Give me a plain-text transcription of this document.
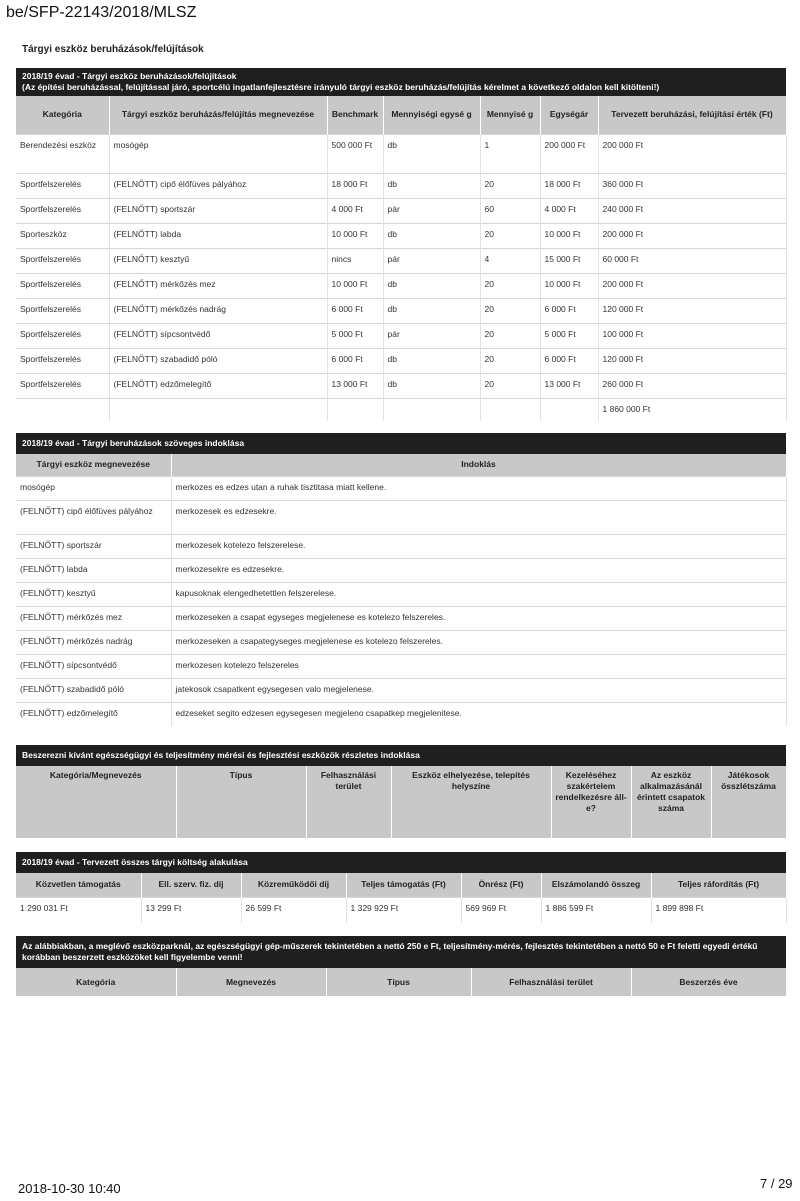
be/SFP-22143/2018/MLSZ
Tárgyi eszköz beruházások/felújítások
2018/19 évad - Tárgyi eszköz beruházások/felújítások
(Az építési beruházással, felújítással járó, sportcélú ingatlanfejlesztésre irányuló tárgyi eszköz beruházás/felújítás kérelmet a következő oldalon kell kitölteni!)
Kategória	Tárgyi eszköz beruházás/felújítás megnevezése	Benchmark	Mennyiségi egysé g	Mennyisé g	Egységár	Tervezett beruházási, felújítási érték (Ft)
Berendezési eszköz	mosógép	500 000 Ft	db	1	200 000 Ft	200 000 Ft
Sportfelszerelés	(FELNŐTT) cipő élőfüves pályához	18 000 Ft	db	20	18 000 Ft	360 000 Ft
Sportfelszerelés	(FELNŐTT) sportszár	4 000 Ft	pár	60	4 000 Ft	240 000 Ft
Sporteszköz	(FELNŐTT) labda	10 000 Ft	db	20	10 000 Ft	200 000 Ft
Sportfelszerelés	(FELNŐTT) kesztyű	nincs	pár	4	15 000 Ft	60 000 Ft
Sportfelszerelés	(FELNŐTT) mérkőzés mez	10 000 Ft	db	20	10 000 Ft	200 000 Ft
Sportfelszerelés	(FELNŐTT) mérkőzés nadrág	6 000 Ft	db	20	6 000 Ft	120 000 Ft
Sportfelszerelés	(FELNŐTT) sípcsontvédő	5 000 Ft	pár	20	5 000 Ft	100 000 Ft
Sportfelszerelés	(FELNŐTT) szabadidő póló	6 000 Ft	db	20	6 000 Ft	120 000 Ft
Sportfelszerelés	(FELNŐTT) edzőmelegítő	13 000 Ft	db	20	13 000 Ft	260 000 Ft
						1 860 000 Ft
2018/19 évad - Tárgyi beruházások szöveges indoklása
Tárgyi eszköz megnevezése	Indoklás
mosógép	merkozes es edzes utan a ruhak tisztitasa miatt kellene.
(FELNŐTT) cipő élőfüves pályához	merkozesek es edzesekre.
(FELNŐTT) sportszár	merkozesek kotelezo felszerelese.
(FELNŐTT) labda	merkozesekre es edzesekre.
(FELNŐTT) kesztyű	kapusoknak elengedhetettlen felszerelese.
(FELNŐTT) mérkőzés mez	merkozeseken a csapat egyseges megjelenese es kotelezo felszereles.
(FELNŐTT) mérkőzés nadrág	merkozeseken a csapategyseges megjelenese es kotelezo felszereles.
(FELNŐTT) sípcsontvédő	merkozesen kotelezo felszereles
(FELNŐTT) szabadidő póló	jatekosok csapatkent egysegesen valo megjelenese.
(FELNŐTT) edzőmelegítő	edzeseket segito edzesen egysegesen megjeleno csapatkep megjelenitese.
Beszerezni kívánt egészségügyi és teljesítmény mérési és fejlesztési eszközök részletes indoklása
Kategória/Megnevezés	Típus	Felhasználási terület	Eszköz elhelyezése, telepítés helyszíne	Kezeléséhez szakértelem rendelkezésre áll-e?	Az eszköz alkalmazásánál érintett csapatok száma	Játékosok összlétszáma
2018/19 évad - Tervezett összes tárgyi költség alakulása
Közvetlen támogatás	Ell. szerv. fiz. díj	Közreműködői díj	Teljes támogatás (Ft)	Önrész (Ft)	Elszámolandó összeg	Teljes ráfordítás (Ft)
1 290 031 Ft	13 299 Ft	26 599 Ft	1 329 929 Ft	569 969 Ft	1 886 599 Ft	1 899 898 Ft
Az alábbiakban, a meglévő eszközparknál, az egészségügyi gép-műszerek tekintetében a nettó 250 e Ft, teljesítmény-mérés, fejlesztés tekintetében a nettó 50 e Ft feletti egyedi értékű korábban beszerzett eszközöket kell figyelembe venni!
Kategória	Megnevezés	Típus	Felhasználási terület	Beszerzés éve
2018-10-30 10:40	7 / 29
